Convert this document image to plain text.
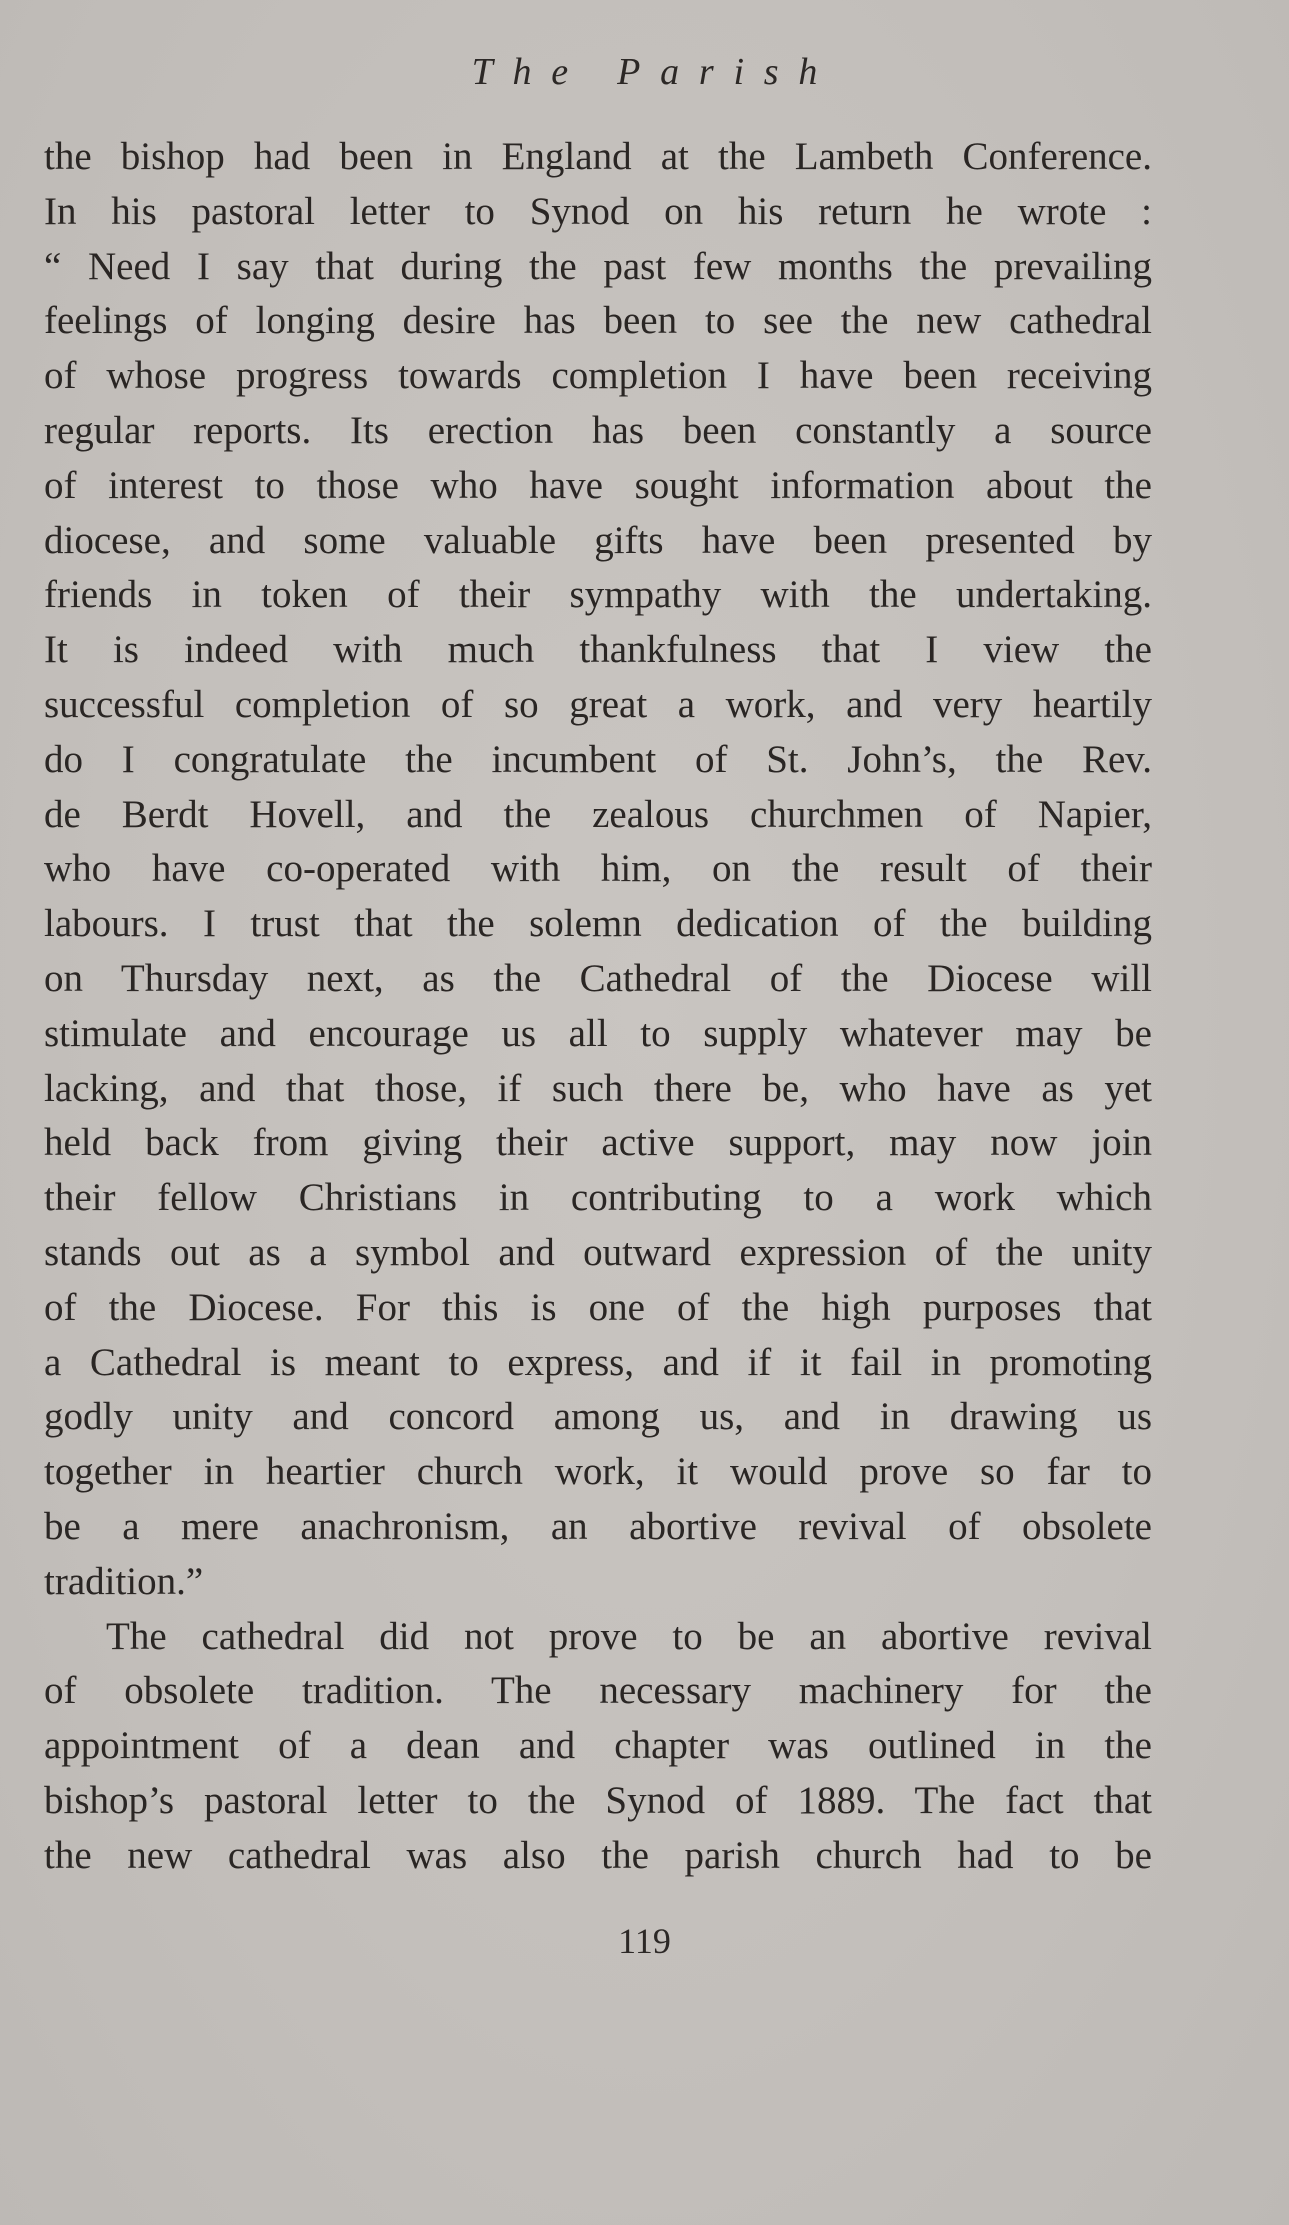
The Parish
the bishop had been in England at the Lambeth Conference.
In his pastoral letter to Synod on his return he wrote :
“ Need I say that during the past few months the prevailing
feelings of longing desire has been to see the new cathedral
of whose progress towards completion I have been receiving
regular reports. Its erection has been constantly a source
of interest to those who have sought information about the
diocese, and some valuable gifts have been presented by
friends in token of their sympathy with the undertaking.
It is indeed with much thankfulness that I view the
successful completion of so great a work, and very heartily
do I congratulate the incumbent of St. John’s, the Rev.
de Berdt Hovell, and the zealous churchmen of Napier,
who have co-operated with him, on the result of their
labours. I trust that the solemn dedication of the building
on Thursday next, as the Cathedral of the Diocese will
stimulate and encourage us all to supply whatever may be
lacking, and that those, if such there be, who have as yet
held back from giving their active support, may now join
their fellow Christians in contributing to a work which
stands out as a symbol and outward expression of the unity
of the Diocese. For this is one of the high purposes that
a Cathedral is meant to express, and if it fail in promoting
godly unity and concord among us, and in drawing us
together in heartier church work, it would prove so far to
be a mere anachronism, an abortive revival of obsolete
tradition.”
The cathedral did not prove to be an abortive revival
of obsolete tradition. The necessary machinery for the
appointment of a dean and chapter was outlined in the
bishop’s pastoral letter to the Synod of 1889. The fact that
the new cathedral was also the parish church had to be
119
